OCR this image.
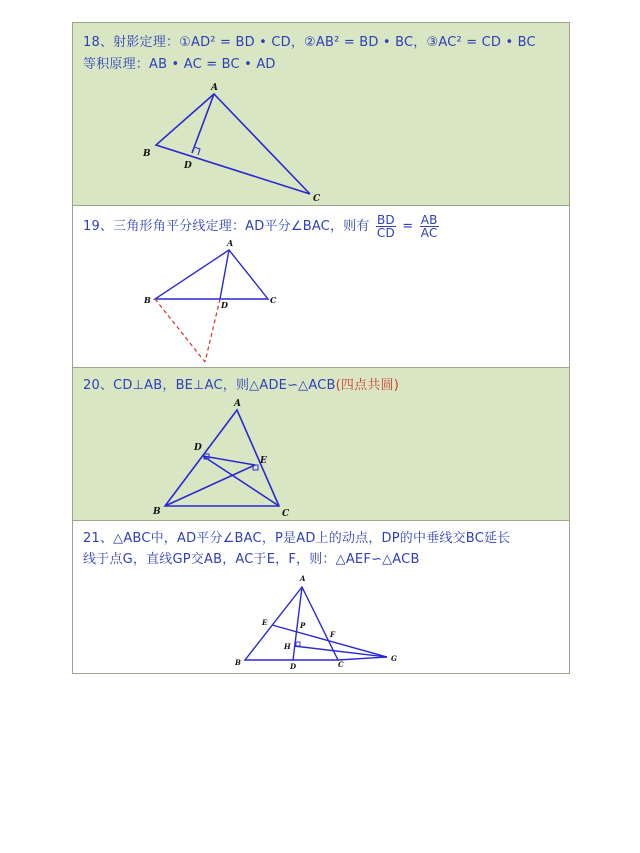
18、射影定理：①AD² = BD • CD，②AB² = BD • BC，③AC² = CD • BC
等积原理：AB • AC = BC • AD
A
B
C
D
19、三角形角平分线定理：AD平分∠BAC，则有 $\frac{BD}{CD} = \frac{AB}{AC}$
A
B	C
D
20、CD⊥AB，BE⊥AC，则△ADE∽△ACB(四点共圆)
A
B	C
D
E
21、△ABC中，AD平分∠BAC，P是AD上的动点，DP的中垂线交BC延长
线于点G，直线GP交AB，AC于E，F，则：△AEF∽△ACB
A
B	C
D
E
F
G
H
P
